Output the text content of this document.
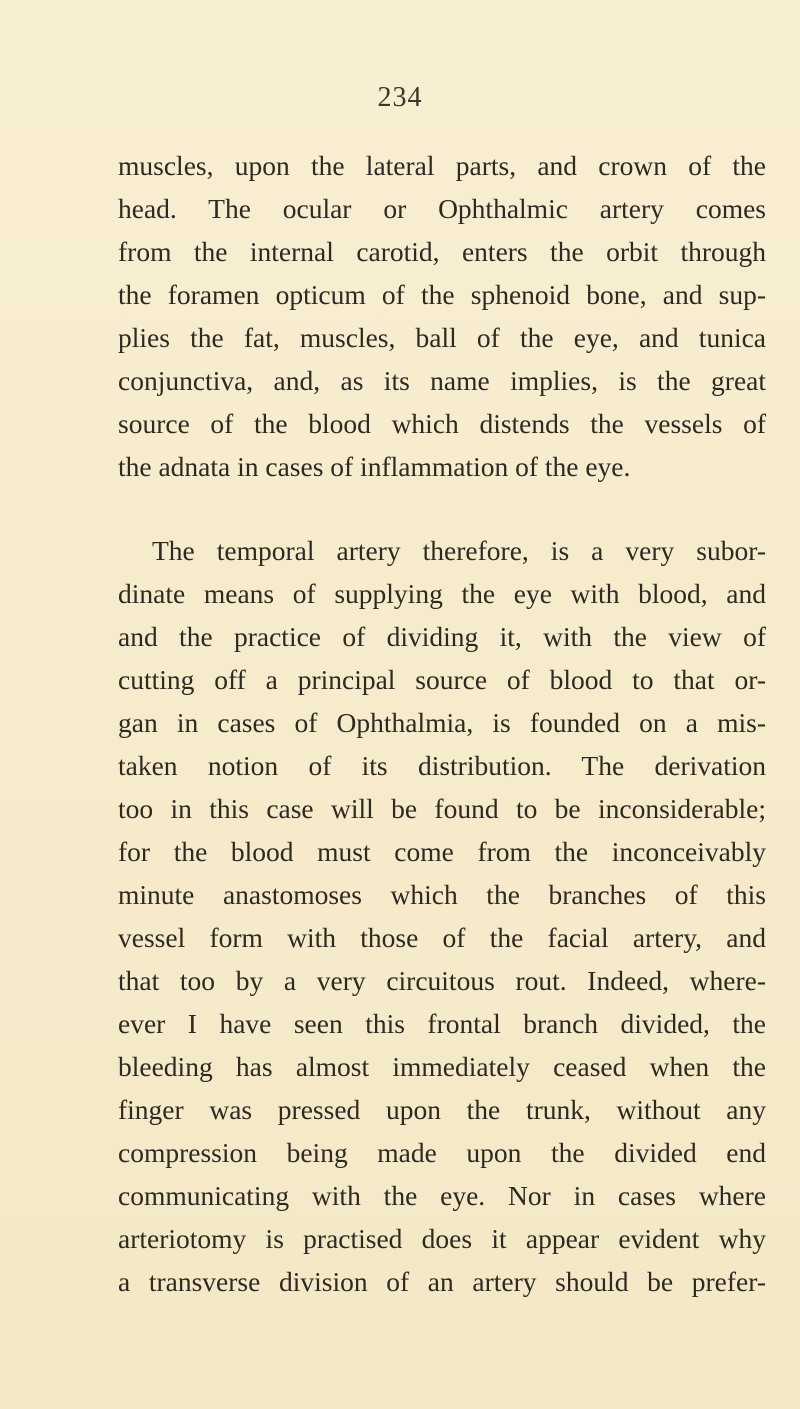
234
muscles, upon the lateral parts, and crown of the
head. The ocular or Ophthalmic artery comes
from the internal carotid, enters the orbit through
the foramen opticum of the sphenoid bone, and sup-
plies the fat, muscles, ball of the eye, and tunica
conjunctiva, and, as its name implies, is the great
source of the blood which distends the vessels of
the adnata in cases of inflammation of the eye.
The temporal artery therefore, is a very subor-
dinate means of supplying the eye with blood, and
and the practice of dividing it, with the view of
cutting off a principal source of blood to that or-
gan in cases of Ophthalmia, is founded on a mis-
taken notion of its distribution. The derivation
too in this case will be found to be inconsiderable;
for the blood must come from the inconceivably
minute anastomoses which the branches of this
vessel form with those of the facial artery, and
that too by a very circuitous rout. Indeed, where-
ever I have seen this frontal branch divided, the
bleeding has almost immediately ceased when the
finger was pressed upon the trunk, without any
compression being made upon the divided end
communicating with the eye. Nor in cases where
arteriotomy is practised does it appear evident why
a transverse division of an artery should be prefer-
